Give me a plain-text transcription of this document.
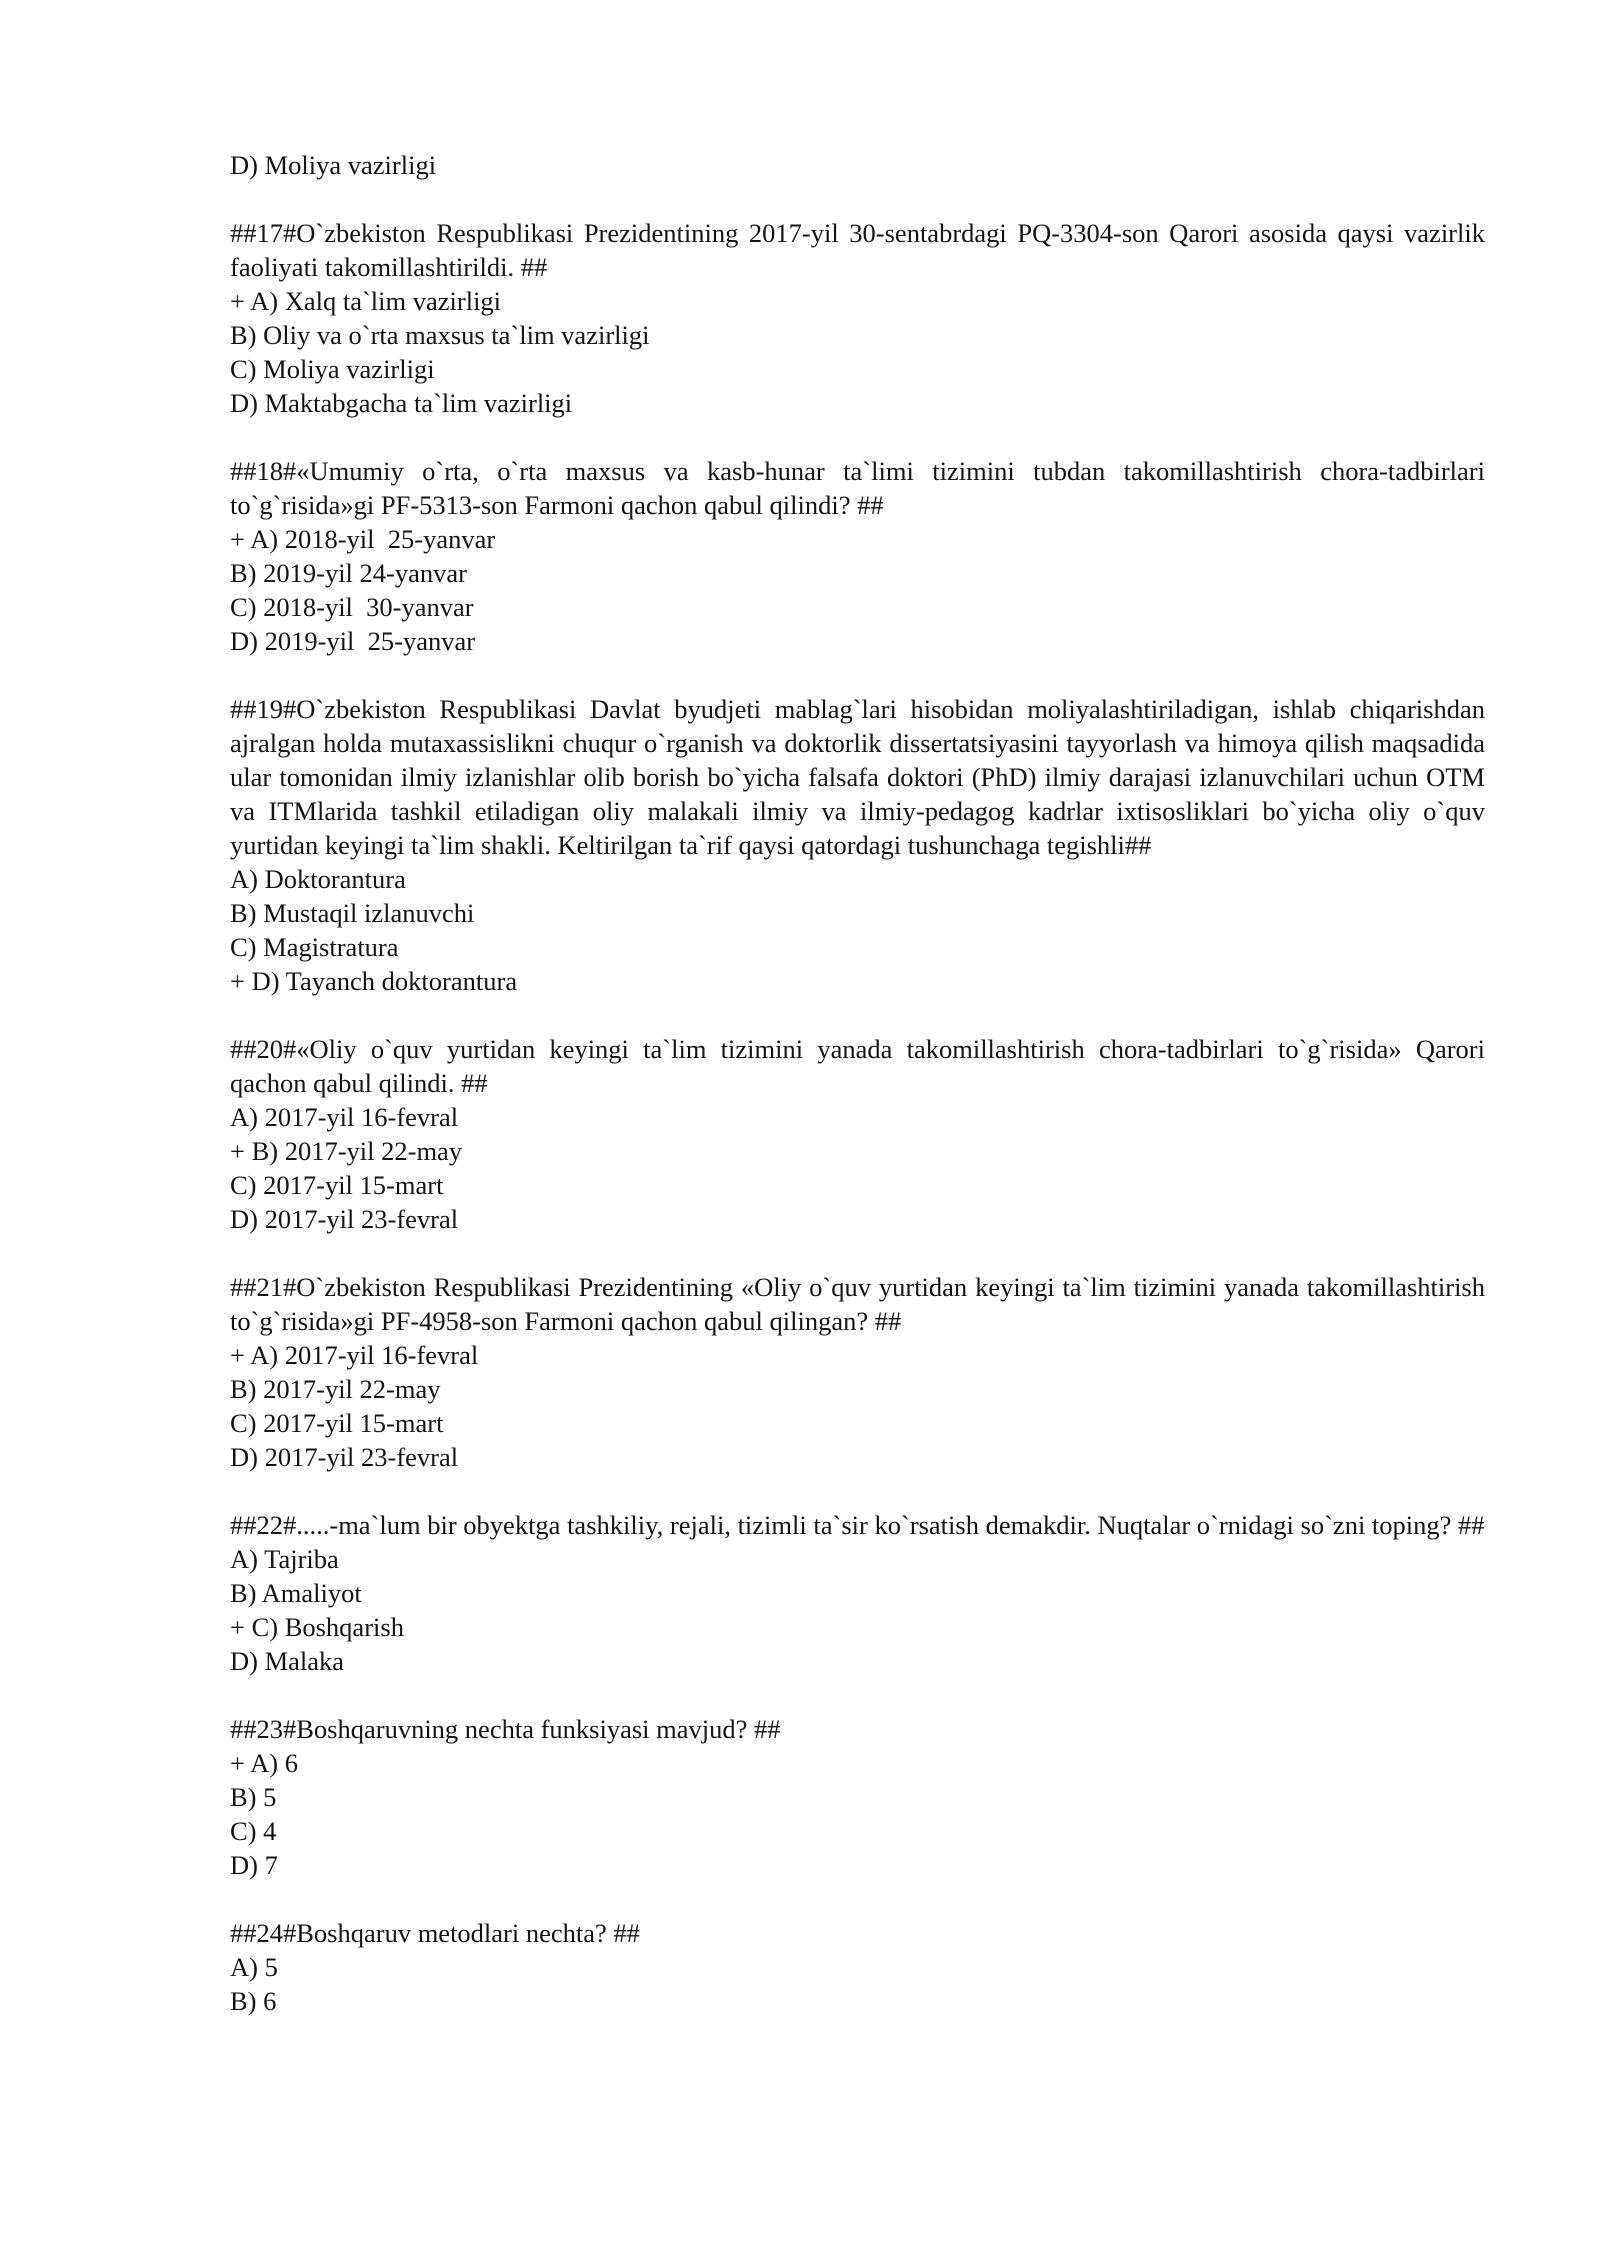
D) Moliya vazirligi

##17#O`zbekiston Respublikasi Prezidentining 2017-yil 30-sentabrdagi PQ-3304-son Qarori asosida qaysi vazirlik faoliyati takomillashtirildi. ##

+ A) Xalq ta`lim vazirligi
B) Oliy va o`rta maxsus ta`lim vazirligi
C) Moliya vazirligi
D) Maktabgacha ta`lim vazirligi

##18#«Umumiy o`rta, o`rta maxsus va kasb-hunar ta`limi tizimini tubdan takomillashtirish chora-tadbirlari to`g`risida»gi PF-5313-son Farmoni qachon qabul qilindi? ##

+ A) 2018-yil  25-yanvar
B) 2019-yil 24-yanvar
C) 2018-yil  30-yanvar
D) 2019-yil  25-yanvar

##19#O`zbekiston Respublikasi Davlat byudjeti mablag`lari hisobidan moliyalashtiriladigan, ishlab chiqarishdan ajralgan holda mutaxassislikni chuqur o`rganish va doktorlik dissertatsiyasini tayyorlash va himoya qilish maqsadida ular tomonidan ilmiy izlanishlar olib borish bo`yicha falsafa doktori (PhD) ilmiy darajasi izlanuvchilari uchun OTM va ITMlarida tashkil etiladigan oliy malakali ilmiy va ilmiy-pedagog kadrlar ixtisosliklari bo`yicha oliy o`quv yurtidan keyingi ta`lim shakli. Keltirilgan ta`rif qaysi qatordagi tushunchaga tegishli##

A) Doktorantura
B) Mustaqil izlanuvchi
C) Magistratura
+ D) Tayanch doktorantura

##20#«Oliy o`quv yurtidan keyingi ta`lim tizimini yanada takomillashtirish chora-tadbirlari to`g`risida» Qarori qachon qabul qilindi. ##

A) 2017-yil 16-fevral
+ B) 2017-yil 22-may
C) 2017-yil 15-mart
D) 2017-yil 23-fevral

##21#O`zbekiston Respublikasi Prezidentining «Oliy o`quv yurtidan keyingi ta`lim tizimini yanada takomillashtirish to`g`risida»gi PF-4958-son Farmoni qachon qabul qilingan? ##

+ A) 2017-yil 16-fevral
B) 2017-yil 22-may
C) 2017-yil 15-mart
D) 2017-yil 23-fevral

##22#.....-ma`lum bir obyektga tashkiliy, rejali, tizimli ta`sir ko`rsatish demakdir. Nuqtalar o`rnidagi so`zni toping? ##

A) Tajriba
B) Amaliyot
+ C) Boshqarish
D) Malaka

##23#Boshqaruvning nechta funksiyasi mavjud? ##

+ A) 6
B) 5
C) 4
D) 7

##24#Boshqaruv metodlari nechta? ##

A) 5
B) 6
